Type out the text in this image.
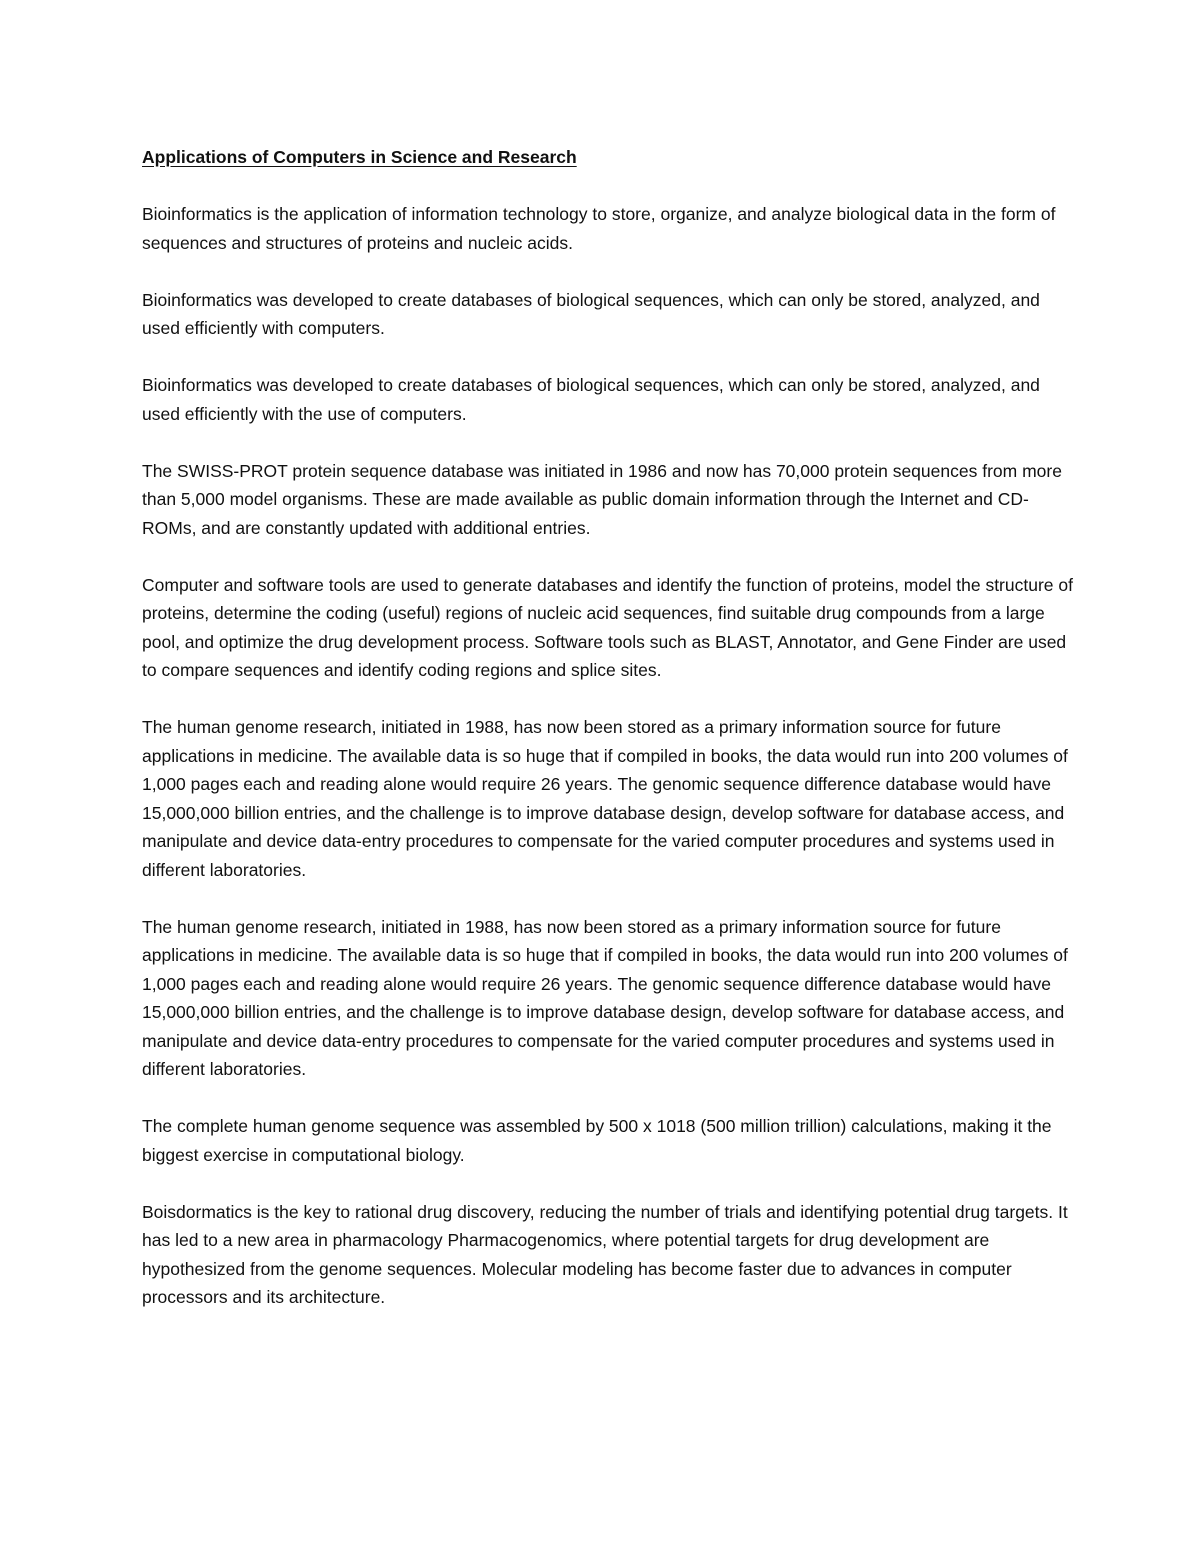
Applications of Computers in Science and Research

Bioinformatics is the application of information technology to store, organize, and analyze biological data in the form of sequences and structures of proteins and nucleic acids.

Bioinformatics was developed to create databases of biological sequences, which can only be stored, analyzed, and used efficiently with computers.

Bioinformatics was developed to create databases of biological sequences, which can only be stored, analyzed, and used efficiently with the use of computers.

The SWISS-PROT protein sequence database was initiated in 1986 and now has 70,000 protein sequences from more than 5,000 model organisms. These are made available as public domain information through the Internet and CD-ROMs, and are constantly updated with additional entries.

Computer and software tools are used to generate databases and identify the function of proteins, model the structure of proteins, determine the coding (useful) regions of nucleic acid sequences, find suitable drug compounds from a large pool, and optimize the drug development process. Software tools such as BLAST, Annotator, and Gene Finder are used to compare sequences and identify coding regions and splice sites.

The human genome research, initiated in 1988, has now been stored as a primary information source for future applications in medicine. The available data is so huge that if compiled in books, the data would run into 200 volumes of 1,000 pages each and reading alone would require 26 years. The genomic sequence difference database would have 15,000,000 billion entries, and the challenge is to improve database design, develop software for database access, and manipulate and device data-entry procedures to compensate for the varied computer procedures and systems used in different laboratories.

The human genome research, initiated in 1988, has now been stored as a primary information source for future applications in medicine. The available data is so huge that if compiled in books, the data would run into 200 volumes of 1,000 pages each and reading alone would require 26 years. The genomic sequence difference database would have 15,000,000 billion entries, and the challenge is to improve database design, develop software for database access, and manipulate and device data-entry procedures to compensate for the varied computer procedures and systems used in different laboratories.

The complete human genome sequence was assembled by 500 x 1018 (500 million trillion) calculations, making it the biggest exercise in computational biology.

Boisdormatics is the key to rational drug discovery, reducing the number of trials and identifying potential drug targets. It has led to a new area in pharmacology Pharmacogenomics, where potential targets for drug development are hypothesized from the genome sequences. Molecular modeling has become faster due to advances in computer processors and its architecture.
